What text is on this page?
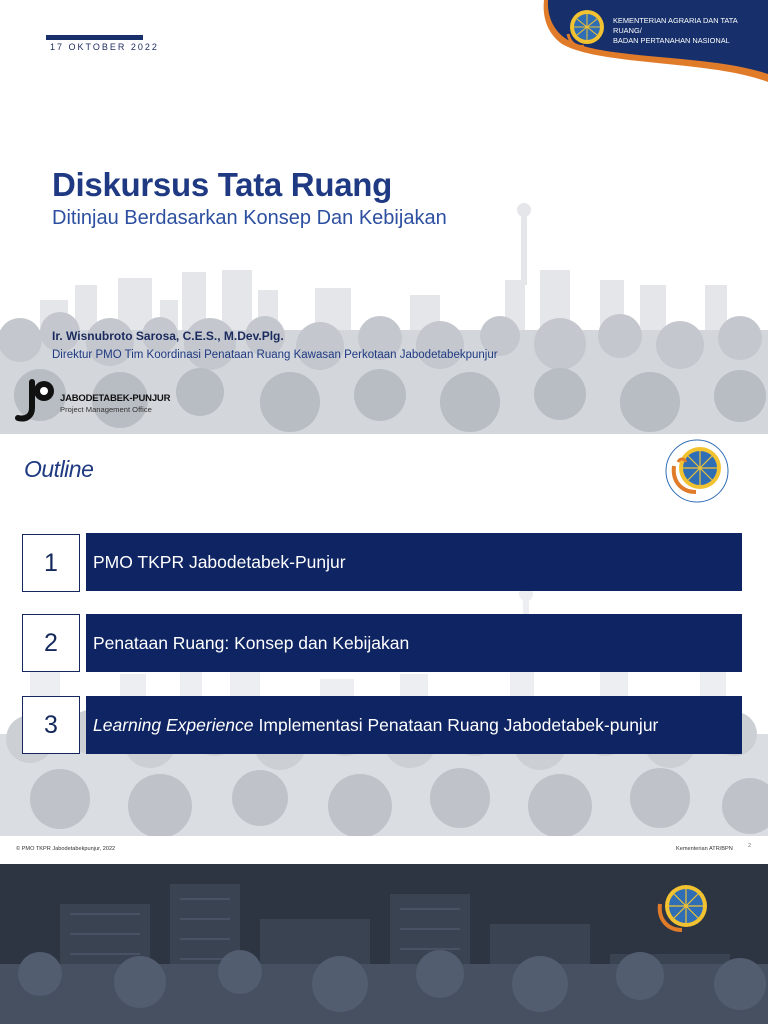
17 OKTOBER 2022
KEMENTERIAN AGRARIA DAN TATA RUANG/
BADAN PERTANAHAN NASIONAL
Diskursus Tata Ruang
Ditinjau Berdasarkan Konsep Dan Kebijakan
Ir. Wisnubroto Sarosa, C.E.S., M.Dev.Plg.
Direktur PMO Tim Koordinasi Penataan Ruang Kawasan Perkotaan Jabodetabekpunjur
JABODETABEK-PUNJUR
Project Management Office
Outline
1	PMO TKPR Jabodetabek-Punjur
2	Penataan Ruang: Konsep dan Kebijakan
3	Learning Experience Implementasi Penataan Ruang Jabodetabek-punjur
© PMO TKPR Jabodetabekpunjur, 2022	Kementerian ATR/BPN	2
